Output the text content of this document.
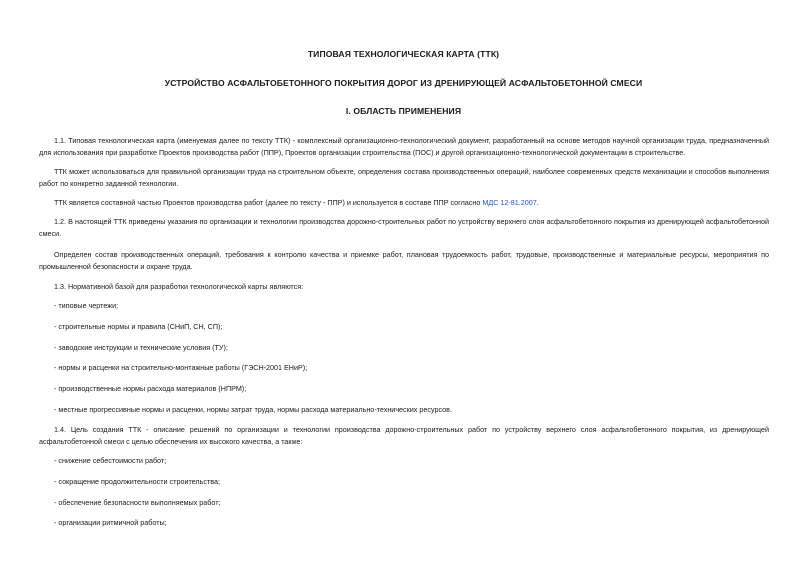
ТИПОВАЯ ТЕХНОЛОГИЧЕСКАЯ КАРТА (ТТК)
УСТРОЙСТВО АСФАЛЬТОБЕТОННОГО ПОКРЫТИЯ ДОРОГ ИЗ ДРЕНИРУЮЩЕЙ АСФАЛЬТОБЕТОННОЙ СМЕСИ
I. ОБЛАСТЬ ПРИМЕНЕНИЯ

1.1. Типовая технологическая карта (именуемая далее по тексту ТТК) - комплексный организационно-технологический документ, разработанный на основе методов научной организации труда, предназначенный для использования при разработке Проектов производства работ (ППР), Проектов организации строительства (ПОС) и другой организационно-технологической документации в строительстве.

ТТК может использоваться для правильной организации труда на строительном объекте, определения состава производственных операций, наиболее современных средств механизации и способов выполнения работ по конкретно заданной технологии.

ТТК является составной частью Проектов производства работ (далее по тексту - ППР) и используется в составе ППР согласно МДС 12-81.2007.

1.2. В настоящей ТТК приведены указания по организации и технологии производства дорожно-строительных работ по устройству верхнего слоя асфальтобетонного покрытия из дренирующей асфальтобетонной смеси.

Определен состав производственных операций, требования к контролю качества и приемке работ, плановая трудоемкость работ, трудовые, производственные и материальные ресурсы, мероприятия по промышленной безопасности и охране труда.

1.3. Нормативной базой для разработки технологической карты являются:

- типовые чертежи;

- строительные нормы и правила (СНиП, СН, СП);

- заводские инструкции и технические условия (ТУ);

- нормы и расценки на строительно-монтажные работы (ГЭСН-2001 ЕНиР);

- производственные нормы расхода материалов (НПРМ);

- местные прогрессивные нормы и расценки, нормы затрат труда, нормы расхода материально-технических ресурсов.

1.4. Цель создания ТТК - описание решений по организации и технологии производства дорожно-строительных работ по устройству верхнего слоя асфальтобетонного покрытия, из дренирующей асфальтобетонной смеси с целью обеспечения их высокого качества, а также:

- снижение себестоимости работ;

- сокращение продолжительности строительства;

- обеспечение безопасности выполняемых работ;

- организации ритмичной работы;
